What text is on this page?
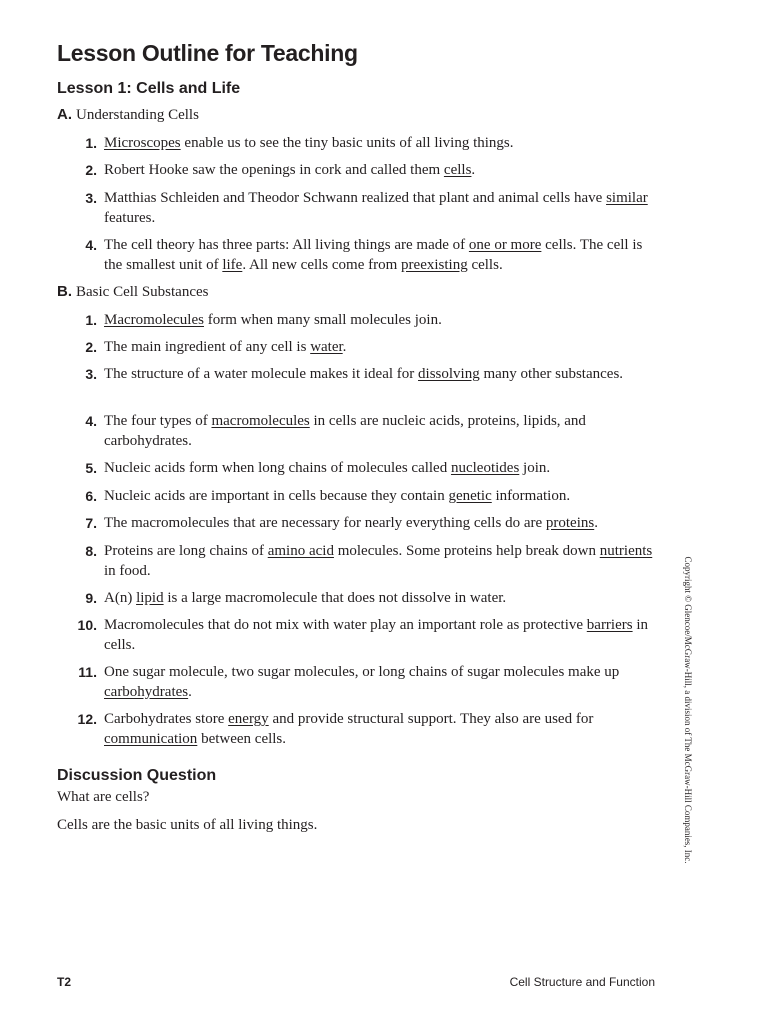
Lesson Outline for Teaching
Lesson 1: Cells and Life
A. Understanding Cells
1. Microscopes enable us to see the tiny basic units of all living things.
2. Robert Hooke saw the openings in cork and called them cells.
3. Matthias Schleiden and Theodor Schwann realized that plant and animal cells have similar features.
4. The cell theory has three parts: All living things are made of one or more cells. The cell is the smallest unit of life. All new cells come from preexisting cells.
B. Basic Cell Substances
1. Macromolecules form when many small molecules join.
2. The main ingredient of any cell is water.
3. The structure of a water molecule makes it ideal for dissolving many other substances.
4. The four types of macromolecules in cells are nucleic acids, proteins, lipids, and carbohydrates.
5. Nucleic acids form when long chains of molecules called nucleotides join.
6. Nucleic acids are important in cells because they contain genetic information.
7. The macromolecules that are necessary for nearly everything cells do are proteins.
8. Proteins are long chains of amino acid molecules. Some proteins help break down nutrients in food.
9. A(n) lipid is a large macromolecule that does not dissolve in water.
10. Macromolecules that do not mix with water play an important role as protective barriers in cells.
11. One sugar molecule, two sugar molecules, or long chains of sugar molecules make up carbohydrates.
12. Carbohydrates store energy and provide structural support. They also are used for communication between cells.
Discussion Question
What are cells?
Cells are the basic units of all living things.	Copyright © Glencoe/McGraw-Hill, a division of The McGraw-Hill Companies, Inc.
T2	Cell Structure and Function
